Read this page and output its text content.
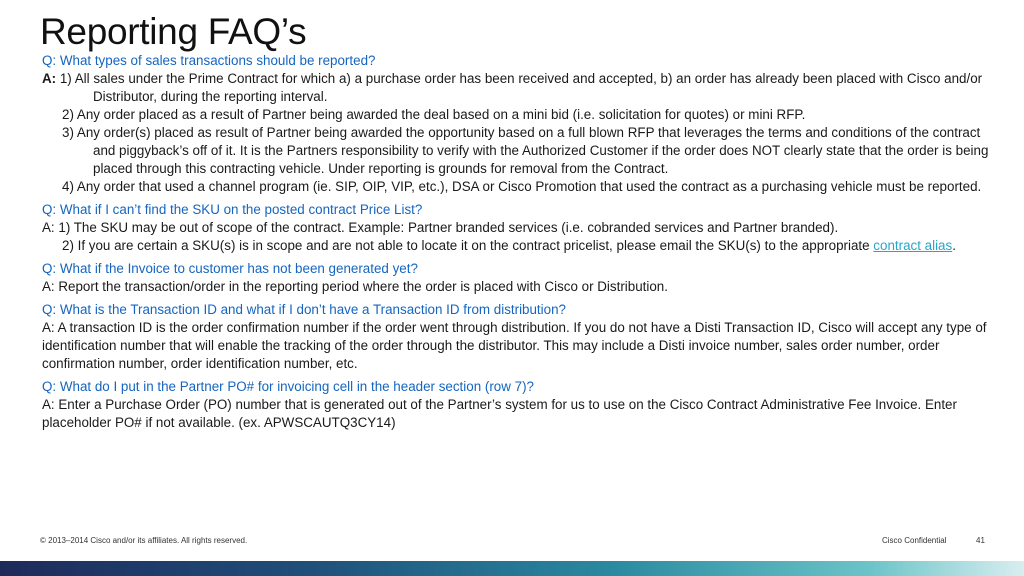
Reporting FAQ’s
Q: What types of sales transactions should be reported?
A: 1) All sales under the Prime Contract for which a) a purchase order has been received and accepted, b) an order has already been placed with Cisco and/or Distributor, during the reporting interval.
2) Any order placed as a result of Partner being awarded the deal based on a mini bid (i.e. solicitation for quotes) or mini RFP.
3) Any order(s) placed as result of Partner being awarded the opportunity based on a full blown RFP that leverages the terms and conditions of the contract and piggyback’s off of it. It is the Partners responsibility to verify with the Authorized Customer if the order does NOT clearly state that the order is being placed through this contracting vehicle. Under reporting is grounds for removal from the Contract.
4) Any order that used a channel program (ie. SIP, OIP, VIP, etc.), DSA or Cisco Promotion that used the contract as a purchasing vehicle must be reported.
Q: What if I can’t find the SKU on the posted contract Price List?
A: 1) The SKU may be out of scope of the contract. Example: Partner branded services (i.e. cobranded services and Partner branded).
2) If you are certain a SKU(s) is in scope and are not able to locate it on the contract pricelist, please email the SKU(s) to the appropriate contract alias.
Q: What if the Invoice to customer has not been generated yet?
A: Report the transaction/order in the reporting period where the order is placed with Cisco or Distribution.
Q: What is the Transaction ID and what if I don’t have a Transaction ID from distribution?
A: A transaction ID is the order confirmation number if the order went through distribution. If you do not have a Disti Transaction ID, Cisco will accept any type of identification number that will enable the tracking of the order through the distributor. This may include a Disti invoice number, sales order number, order confirmation number, order identification number, etc.
Q: What do I put in the Partner PO# for invoicing cell in the header section (row 7)?
A: Enter a Purchase Order (PO) number that is generated out of the Partner’s system for us to use on the Cisco Contract Administrative Fee Invoice. Enter placeholder PO# if not available. (ex. APWSCAUTQ3CY14)
© 2013–2014 Cisco and/or its affiliates. All rights reserved.	Cisco Confidential	41
